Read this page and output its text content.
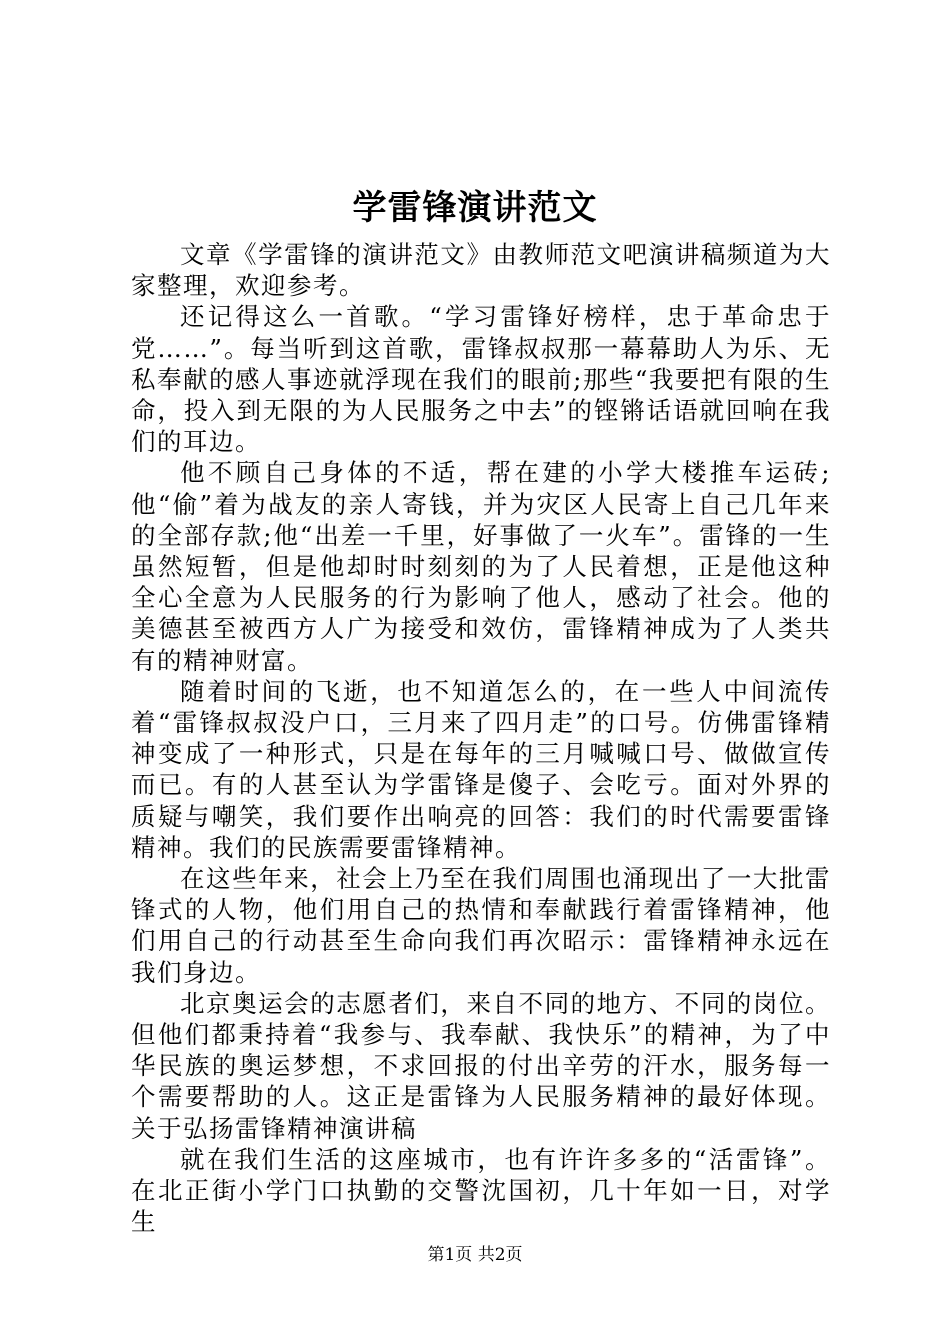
学雷锋演讲范文

文章《学雷锋的演讲范文》由教师范文吧演讲稿频道为大家整理，欢迎参考。

还记得这么一首歌。“学习雷锋好榜样，忠于革命忠于党……”。每当听到这首歌，雷锋叔叔那一幕幕助人为乐、无私奉献的感人事迹就浮现在我们的眼前;那些“我要把有限的生命，投入到无限的为人民服务之中去”的铿锵话语就回响在我们的耳边。

他不顾自己身体的不适，帮在建的小学大楼推车运砖;他“偷”着为战友的亲人寄钱，并为灾区人民寄上自己几年来的全部存款;他“出差一千里，好事做了一火车”。雷锋的一生虽然短暂，但是他却时时刻刻的为了人民着想，正是他这种全心全意为人民服务的行为影响了他人，感动了社会。他的美德甚至被西方人广为接受和效仿，雷锋精神成为了人类共有的精神财富。

随着时间的飞逝，也不知道怎么的，在一些人中间流传着“雷锋叔叔没户口，三月来了四月走”的口号。仿佛雷锋精神变成了一种形式，只是在每年的三月喊喊口号、做做宣传而已。有的人甚至认为学雷锋是傻子、会吃亏。面对外界的质疑与嘲笑，我们要作出响亮的回答：我们的时代需要雷锋精神。我们的民族需要雷锋精神。

在这些年来，社会上乃至在我们周围也涌现出了一大批雷锋式的人物，他们用自己的热情和奉献践行着雷锋精神，他们用自己的行动甚至生命向我们再次昭示：雷锋精神永远在我们身边。

北京奥运会的志愿者们，来自不同的地方、不同的岗位。但他们都秉持着“我参与、我奉献、我快乐”的精神，为了中华民族的奥运梦想，不求回报的付出辛劳的汗水，服务每一个需要帮助的人。这正是雷锋为人民服务精神的最好体现。关于弘扬雷锋精神演讲稿

就在我们生活的这座城市，也有许许多多的“活雷锋”。在北正街小学门口执勤的交警沈国初，几十年如一日，对学生

第1页 共2页
